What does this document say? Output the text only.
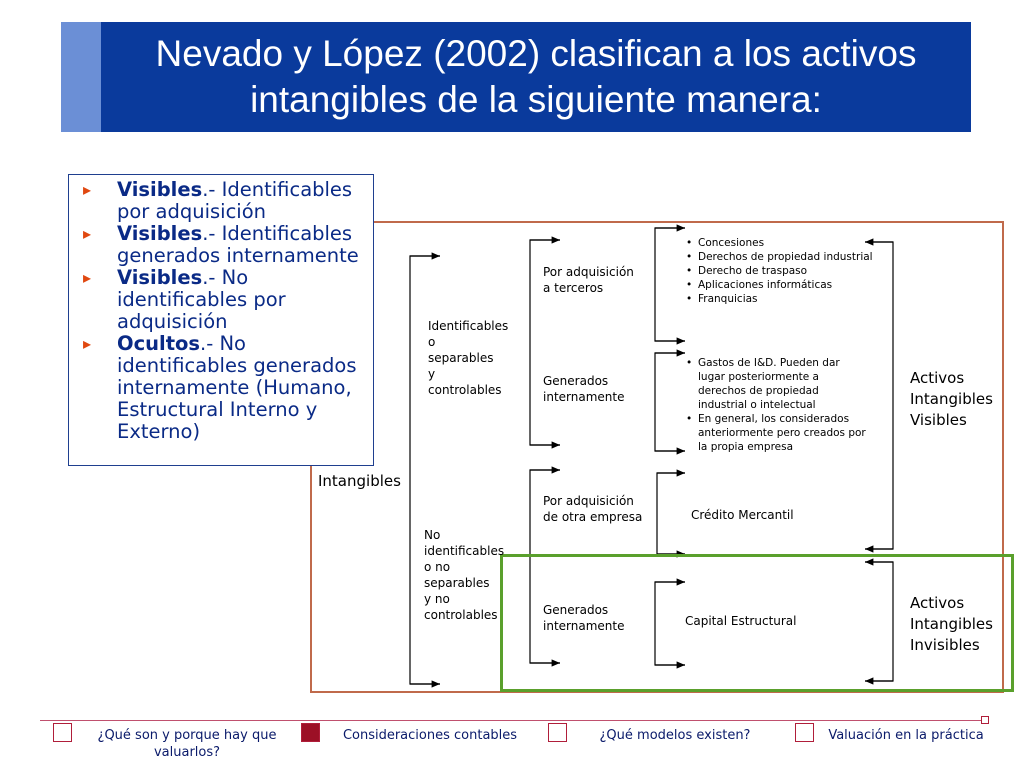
Nevado y López (2002) clasifican a los activos
intangibles de la siguiente manera:
Intangibles
Identificables
o
separables
y
controlables
No
identificables
o no
separables
y no
controlables
Por adquisición
a terceros
Generados
internamente
Por adquisición
de otra empresa
Generados
internamente
• Concesiones
• Derechos de propiedad industrial
• Derecho de traspaso
• Aplicaciones informáticas
• Franquicias
• Gastos de I&D. Pueden dar lugar posteriormente a derechos de propiedad industrial o intelectual
• En general, los considerados anteriormente pero creados por la propia empresa
Crédito Mercantil
Capital Estructural
Activos
Intangibles
Visibles
Activos
Intangibles
Invisibles
▸ Visibles.- Identificables por adquisición
▸ Visibles.- Identificables generados internamente
▸ Visibles.- No identificables por adquisición
▸ Ocultos.- No identificables generados internamente (Humano, Estructural Interno y Externo)
¿Qué son y porque hay que valuarlos?
Consideraciones contables	¿Qué modelos existen?	Valuación en la práctica
